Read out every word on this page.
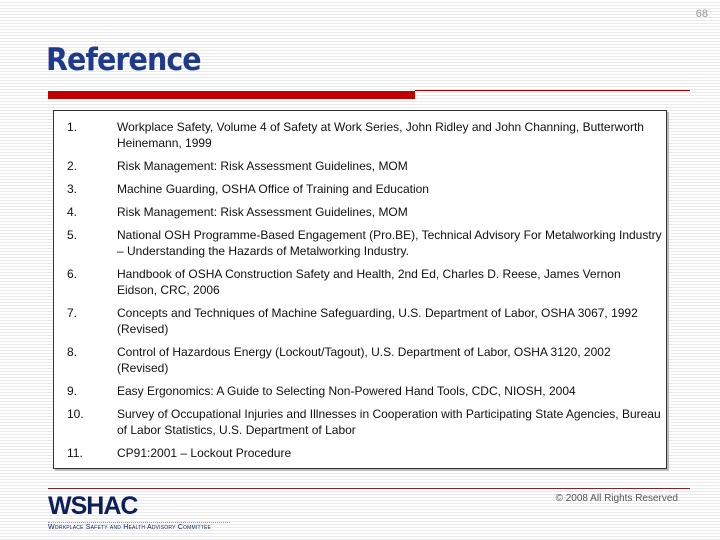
68
Reference
1.	Workplace Safety, Volume 4 of Safety at Work Series, John Ridley and John Channing, Butterworth Heinemann, 1999
2.	Risk Management: Risk Assessment Guidelines, MOM
3.	Machine Guarding, OSHA Office of Training and Education
4.	Risk Management: Risk Assessment Guidelines, MOM
5.	National OSH Programme-Based Engagement (Pro.BE), Technical Advisory For Metalworking Industry – Understanding the Hazards of Metalworking Industry.
6.	Handbook of OSHA Construction Safety and Health, 2nd Ed, Charles D. Reese, James Vernon Eidson, CRC, 2006
7.	Concepts and Techniques of Machine Safeguarding, U.S. Department of Labor, OSHA 3067, 1992 (Revised)
8.	Control of Hazardous Energy (Lockout/Tagout), U.S. Department of Labor, OSHA 3120, 2002 (Revised)
9.	Easy Ergonomics: A Guide to Selecting Non-Powered Hand Tools, CDC, NIOSH, 2004
10.	Survey of Occupational Injuries and Illnesses in Cooperation with Participating State Agencies, Bureau of Labor Statistics, U.S. Department of Labor
11.	CP91:2001 – Lockout Procedure
WSHAC
Workplace Safety and Health Advisory Committee
© 2008 All Rights Reserved
